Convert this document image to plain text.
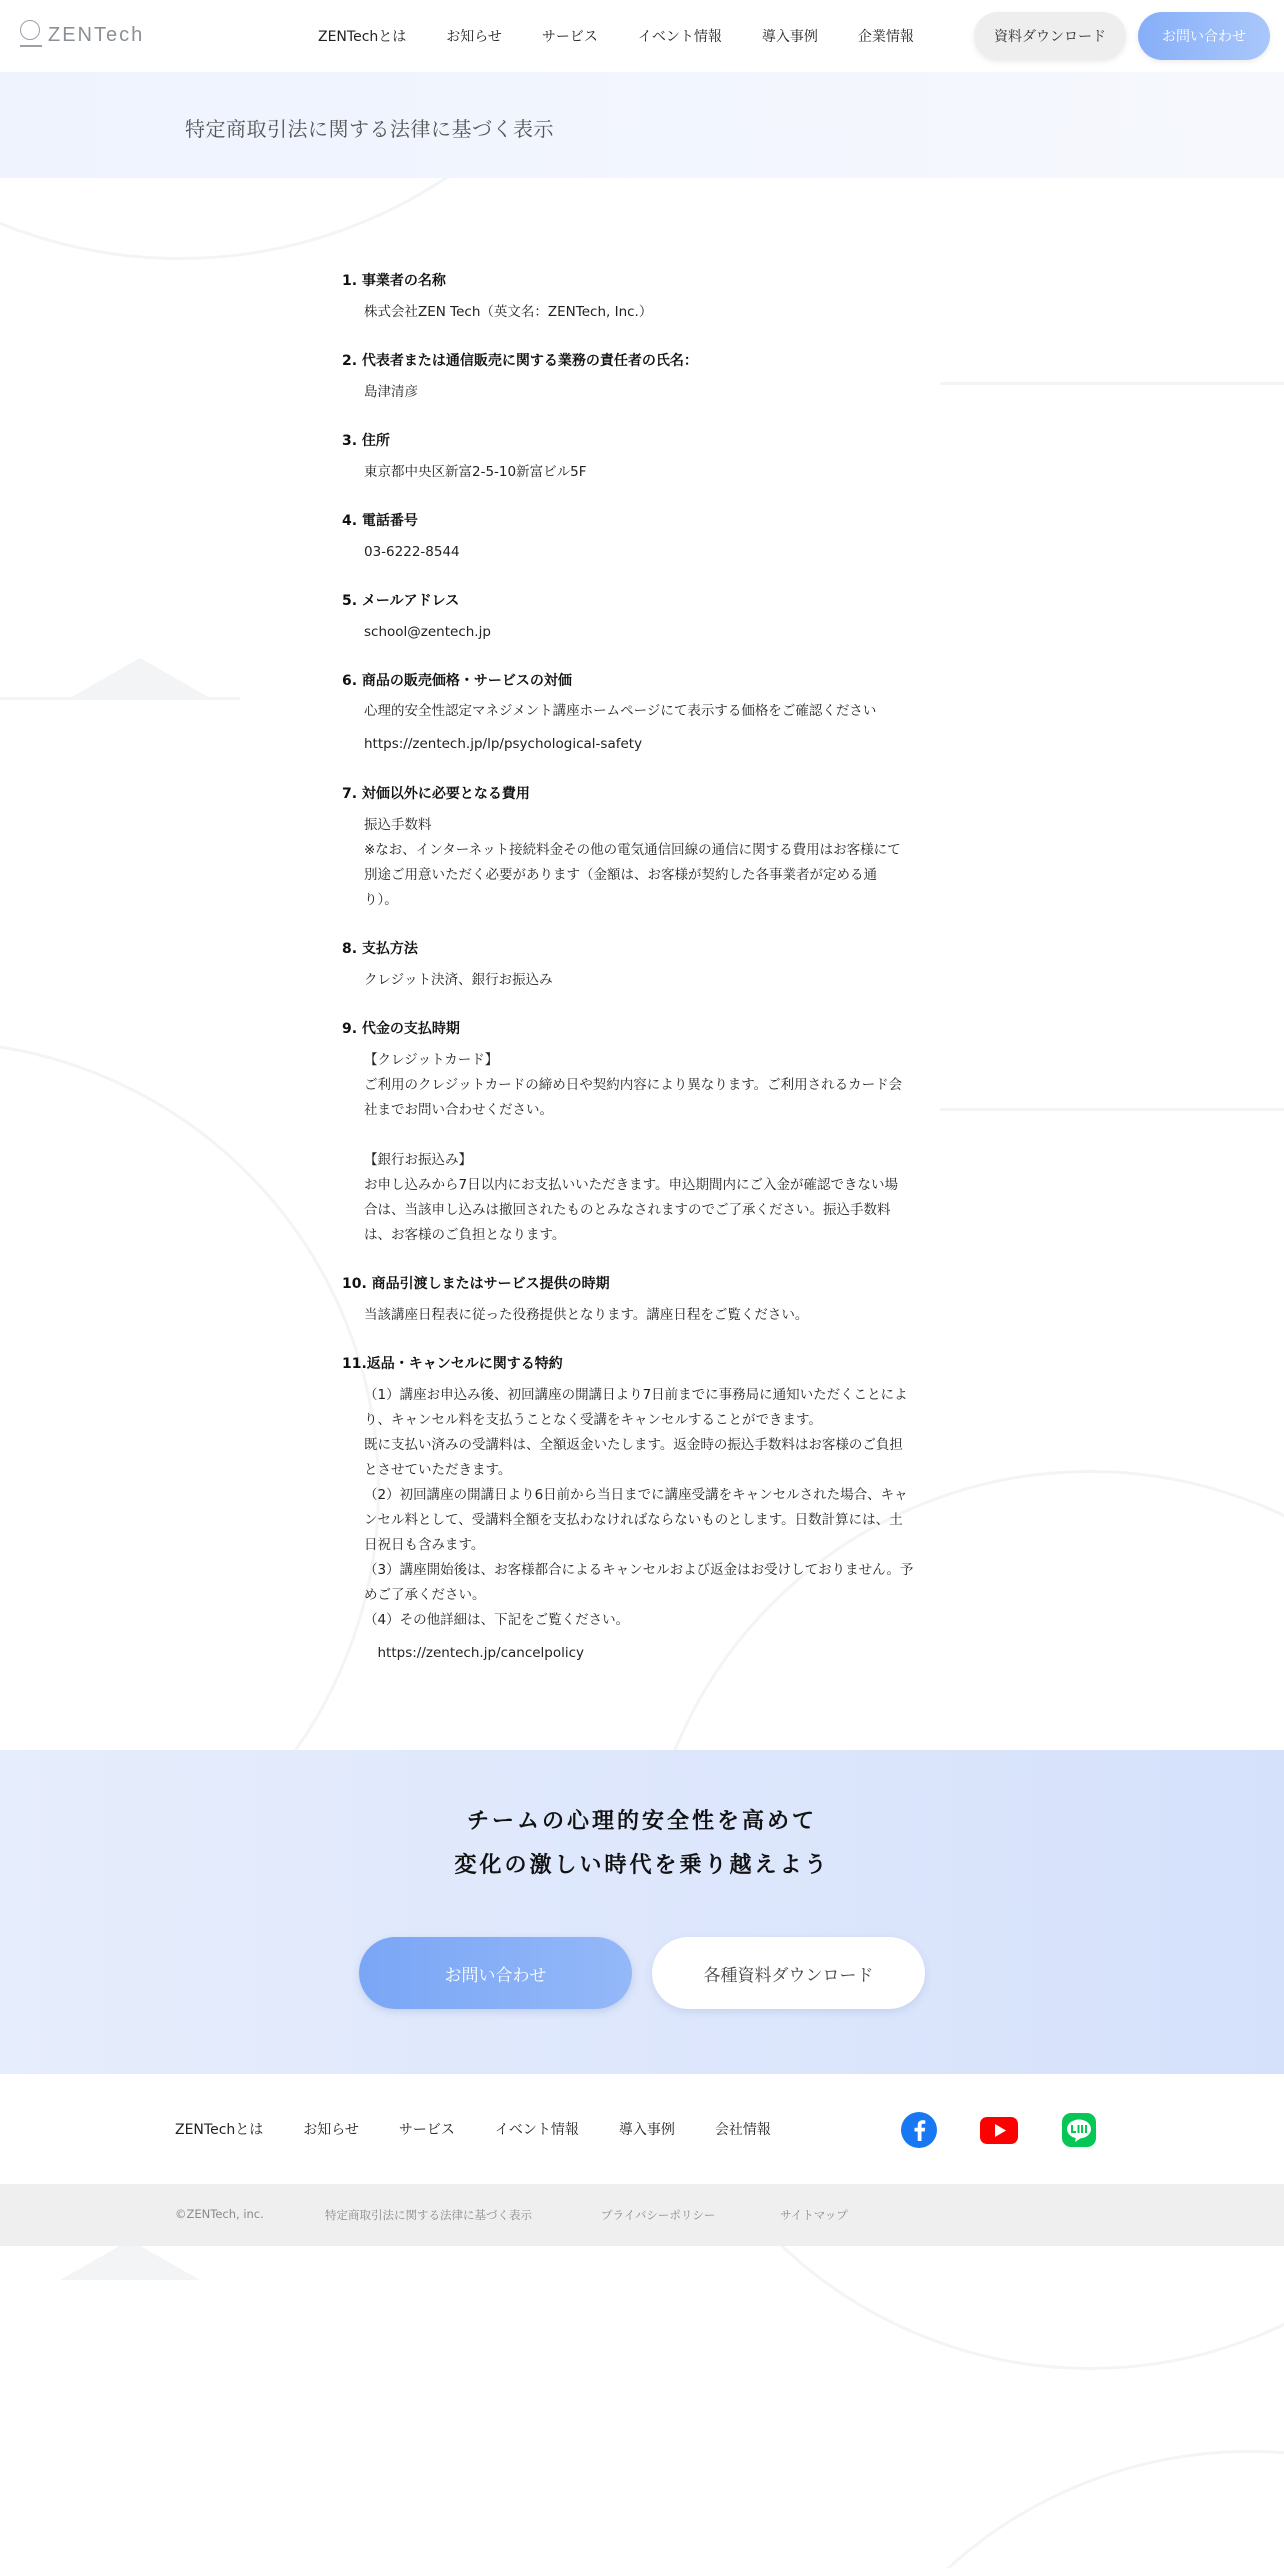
ZENTech	ZENTechとは	お知らせ	サービス	イベント情報	導入事例	企業情報	資料ダウンロード	お問い合わせ
特定商取引法に関する法律に基づく表示
1. 事業者の名称
株式会社ZEN Tech（英文名：ZENTech, Inc.）
2. 代表者または通信販売に関する業務の責任者の氏名：
島津清彦
3. 住所
東京都中央区新富2-5-10新富ビル5F
4. 電話番号
03-6222-8544
5. メールアドレス
school@zentech.jp
6. 商品の販売価格・サービスの対価
心理的安全性認定マネジメント講座ホームページにて表示する価格をご確認ください
https://zentech.jp/lp/psychological-safety
7. 対価以外に必要となる費用
振込手数料
※なお、インターネット接続料金その他の電気通信回線の通信に関する費用はお客様にて
別途ご用意いただく必要があります（金額は、お客様が契約した各事業者が定める通
り）。
8. 支払方法
クレジット決済、銀行お振込み
9. 代金の支払時期
【クレジットカード】
ご利用のクレジットカードの締め日や契約内容により異なります。ご利用されるカード会
社までお問い合わせください。
【銀行お振込み】
お申し込みから7日以内にお支払いいただきます。申込期間内にご入金が確認できない場
合は、当該申し込みは撤回されたものとみなされますのでご了承ください。振込手数料
は、お客様のご負担となります。
10. 商品引渡しまたはサービス提供の時期
当該講座日程表に従った役務提供となります。講座日程をご覧ください。
11.返品・キャンセルに関する特約
（1）講座お申込み後、初回講座の開講日より7日前までに事務局に通知いただくことによ
り、キャンセル料を支払うことなく受講をキャンセルすることができます。
既に支払い済みの受講料は、全額返金いたします。返金時の振込手数料はお客様のご負担
とさせていただきます。
（2）初回講座の開講日より6日前から当日までに講座受講をキャンセルされた場合、キャ
ンセル料として、受講料全額を支払わなければならないものとします。日数計算には、土
日祝日も含みます。
（3）講座開始後は、お客様都合によるキャンセルおよび返金はお受けしておりません。予
めご了承ください。
（4）その他詳細は、下記をご覧ください。
　https://zentech.jp/cancelpolicy
チームの心理的安全性を高めて
変化の激しい時代を乗り越えよう
お問い合わせ	各種資料ダウンロード
ZENTechとは	お知らせ	サービス	イベント情報	導入事例	会社情報
©ZENTech, inc.	特定商取引法に関する法律に基づく表示	プライバシーポリシー	サイトマップ
